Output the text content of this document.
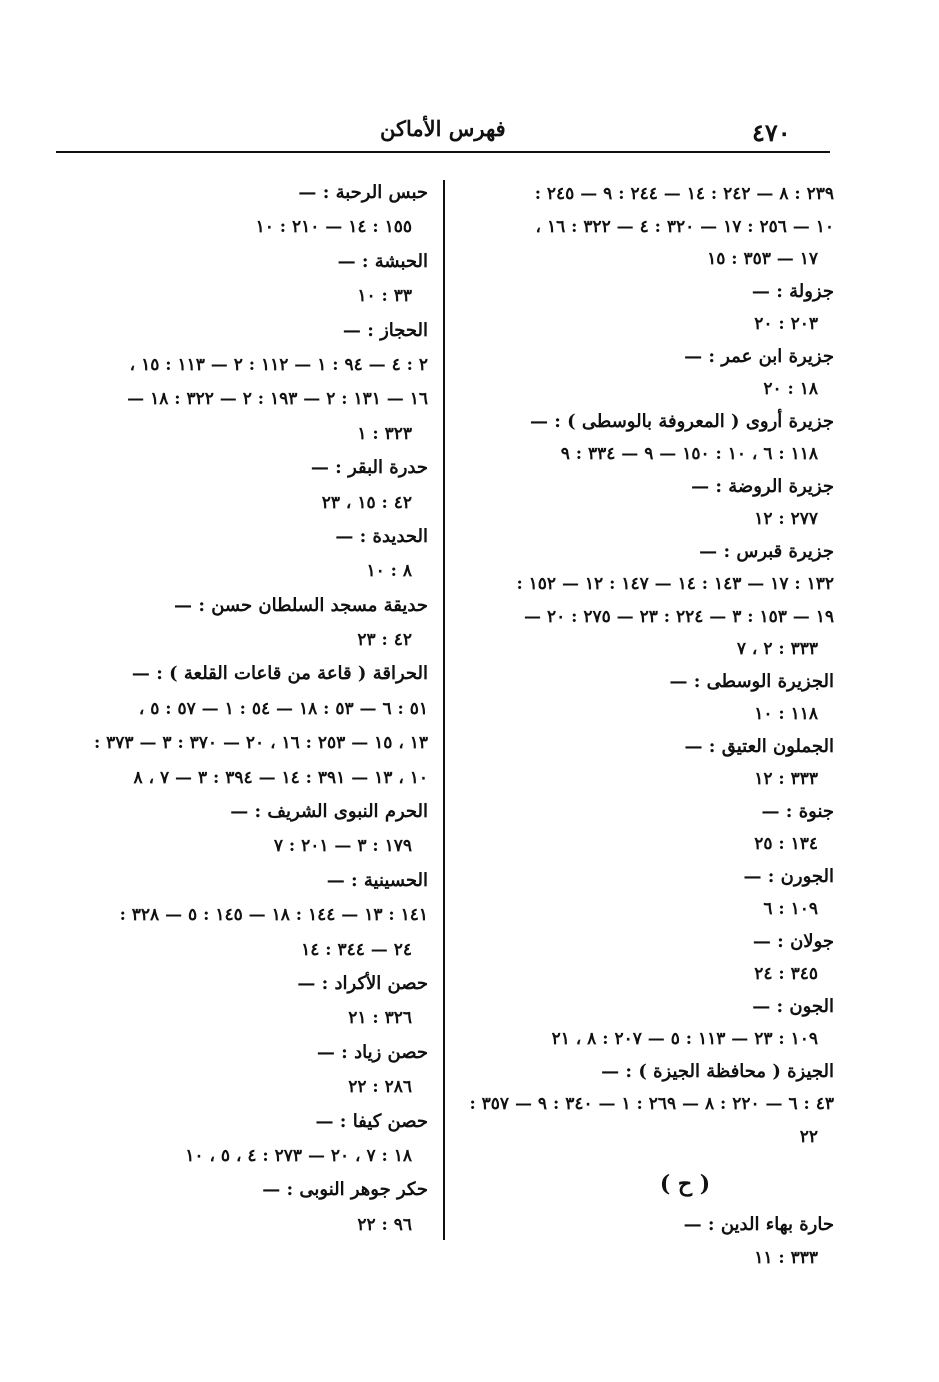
٤٧٠
فهرس الأماكن
٢٣٩ : ٨ — ٢٤٢ : ١٤ — ٢٤٤ : ٩ — ٢٤٥ :
١٠ — ٢٥٦ : ١٧ — ٣٢٠ : ٤ — ٣٢٢ : ١٦ ،
١٧ — ٣٥٣ : ١٥
جزولة : —
٢٠٣ : ٢٠
جزيرة ابن عمر : —
١٨ : ٢٠
جزيرة أروى ( المعروفة بالوسطى ) : —
١١٨ : ٦ ، ١٠ : ١٥٠ — ٩ — ٣٣٤ : ٩
جزيرة الروضة : —
٢٧٧ : ١٢
جزيرة قبرس : —
١٣٢ : ١٧ — ١٤٣ : ١٤ — ١٤٧ : ١٢ — ١٥٢ :
١٩ — ١٥٣ : ٣ — ٢٢٤ : ٢٣ — ٢٧٥ : ٢٠ —
٣٣٣ : ٢ ، ٧
الجزيرة الوسطى : —
١١٨ : ١٠
الجملون العتيق : —
٣٣٣ : ١٢
جنوة : —
١٣٤ : ٢٥
الجورن : —
١٠٩ : ٦
جولان : —
٣٤٥ : ٢٤
الجون : —
١٠٩ : ٢٣ — ١١٣ : ٥ — ٢٠٧ : ٨ ، ٢١
الجيزة ( محافظة الجيزة ) : —
٤٣ : ٦ — ٢٢٠ : ٨ — ٢٦٩ : ١ — ٣٤٠ : ٩ — ٣٥٧ :
٢٢
( ح )
حارة بهاء الدين : —
٣٣٣ : ١١
حبس الرحبة : —
١٥٥ : ١٤ — ٢١٠ : ١٠
الحبشة : —
٣٣ : ١٠
الحجاز : —
٢ : ٤ — ٩٤ : ١ — ١١٢ : ٢ — ١١٣ : ١٥ ،
١٦ — ١٣١ : ٢ — ١٩٣ : ٢ — ٣٢٢ : ١٨ —
٣٢٣ : ١
حدرة البقر : —
٤٢ : ١٥ ، ٢٣
الحديدة : —
٨ : ١٠
حديقة مسجد السلطان حسن : —
٤٢ : ٢٣
الحراقة ( قاعة من قاعات القلعة ) : —
٥١ : ٦ — ٥٣ : ١٨ — ٥٤ : ١ — ٥٧ : ٥ ،
١٣ ، ١٥ — ٢٥٣ : ١٦ ، ٢٠ — ٣٧٠ : ٣ — ٣٧٣ :
١٠ ، ١٣ — ٣٩١ : ١٤ — ٣٩٤ : ٣ — ٧ ، ٨
الحرم النبوى الشريف : —
١٧٩ : ٣ — ٢٠١ : ٧
الحسينية : —
١٤١ : ١٣ — ١٤٤ : ١٨ — ١٤٥ : ٥ — ٣٢٨ :
٢٤ — ٣٤٤ : ١٤
حصن الأكراد : —
٣٢٦ : ٢١
حصن زياد : —
٢٨٦ : ٢٢
حصن كيفا : —
١٨ : ٧ ، ٢٠ — ٢٧٣ : ٤ ، ٥ ، ١٠
حكر جوهر النوبى : —
٩٦ : ٢٢
